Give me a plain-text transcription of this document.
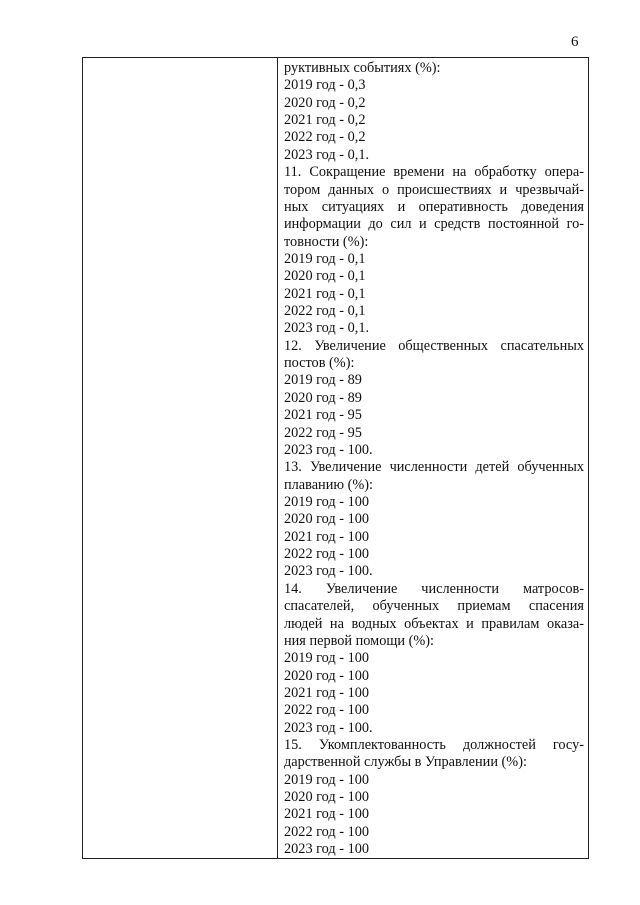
6
руктивных событиях (%):
2019 год - 0,3
2020 год - 0,2
2021 год - 0,2
2022 год - 0,2
2023 год - 0,1.
11. Сокращение времени на обработку опера-
тором данных о происшествиях и чрезвычай-
ных ситуациях и оперативность доведения
информации до сил и средств постоянной го-
товности (%):
2019 год - 0,1
2020 год - 0,1
2021 год - 0,1
2022 год - 0,1
2023 год - 0,1.
12. Увеличение общественных спасательных
постов (%):
2019 год - 89
2020 год - 89
2021 год - 95
2022 год - 95
2023 год - 100.
13. Увеличение численности детей обученных
плаванию (%):
2019 год - 100
2020 год - 100
2021 год - 100
2022 год - 100
2023 год - 100.
14. Увеличение численности матросов-
спасателей, обученных приемам спасения
людей на водных объектах и правилам оказа-
ния первой помощи (%):
2019 год - 100
2020 год - 100
2021 год - 100
2022 год - 100
2023 год - 100.
15. Укомплектованность должностей госу-
дарственной службы в Управлении (%):
2019 год - 100
2020 год - 100
2021 год - 100
2022 год - 100
2023 год - 100
